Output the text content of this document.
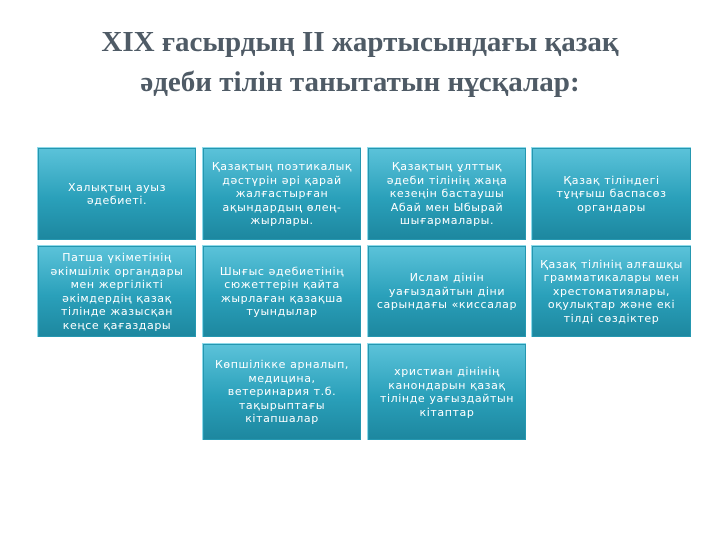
XIX ғасырдың ІІ жартысындағы қазақ
әдеби тілін танытатын нұсқалар:
Халықтың ауыз әдебиеті.
Қазақтың поэтикалық дәстүрін әрі қарай жалғастырған ақындардың өлең-жырлары.
Қазақтың ұлттық әдеби тілінің жаңа кезеңін бастаушы Абай мен Ыбырай шығармалары.
Қазақ тіліндегі тұңғыш баспасөз органдары
Патша үкіметінің әкімшілік органдары мен жергілікті әкімдердің қазақ тілінде жазысқан кеңсе қағаздары
Шығыс әдебиетінің сюжеттерін қайта жырлаған қазақша туындылар
Ислам дінін уағыздайтын діни сарындағы «киссалар
Қазақ тілінің алғашқы грамматикалары мен хрестоматиялары, оқулықтар және екі тілді сөздіктер
Көпшілікке арналып, медицина, ветеринария т.б. тақырыптағы кітапшалар
христиан дінінің канондарын қазақ тілінде уағыздайтын кітаптар
